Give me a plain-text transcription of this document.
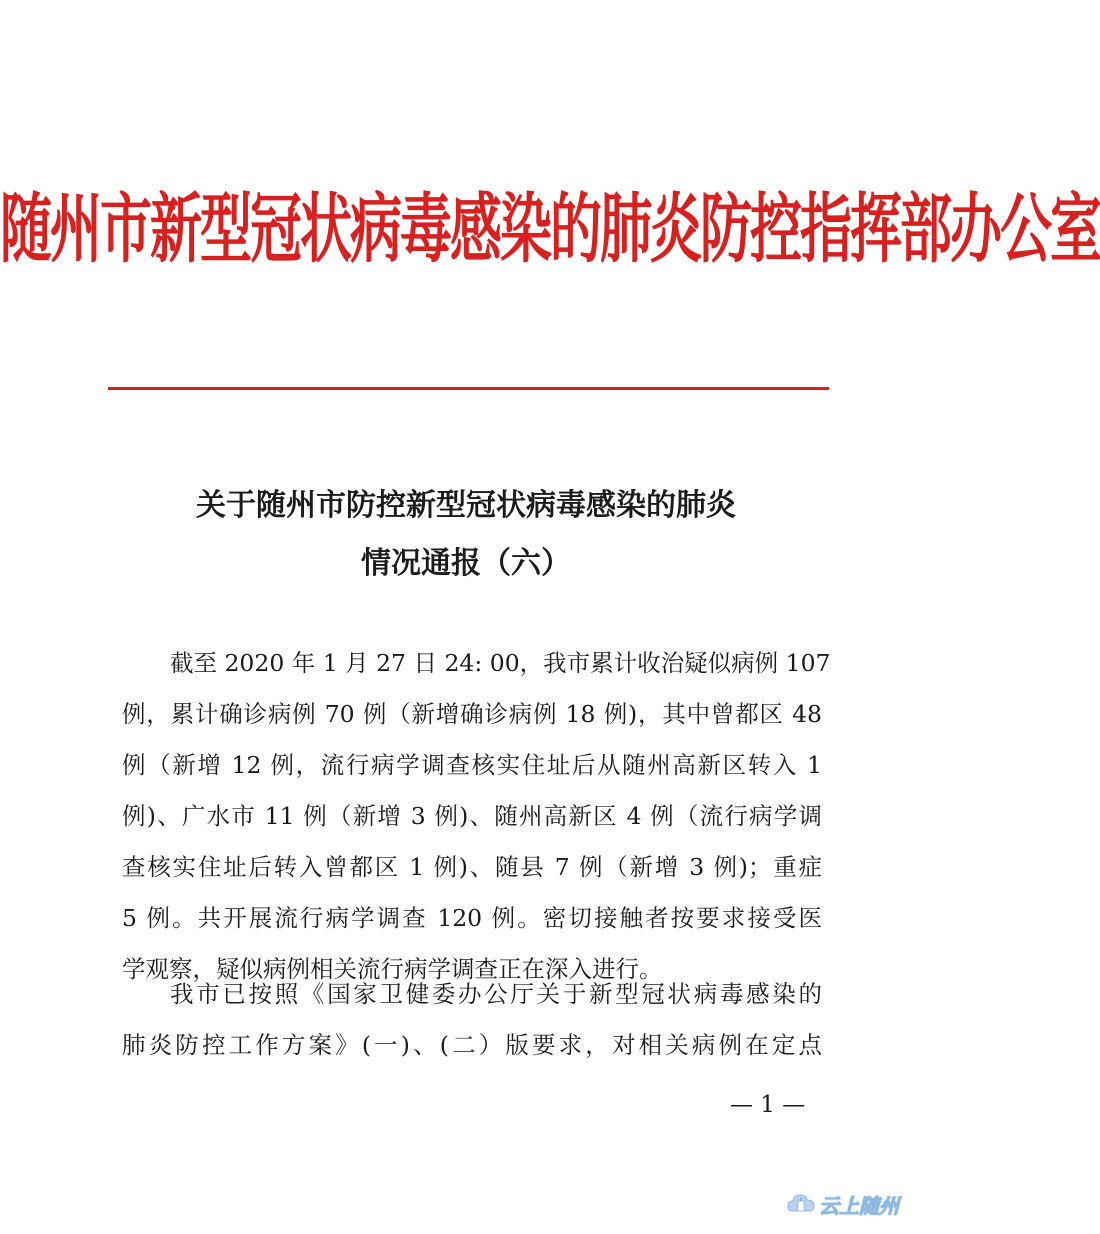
随州市新型冠状病毒感染的肺炎防控指挥部办公室
关于随州市防控新型冠状病毒感染的肺炎
情况通报（六）
截至 2020 年 1 月 27 日 24: 00，我市累计收治疑似病例 107
例，累计确诊病例 70 例（新增确诊病例 18 例)，其中曾都区 48
例（新增 12 例，流行病学调查核实住址后从随州高新区转入 1
例)、广水市 11 例（新增 3 例)、随州高新区 4 例（流行病学调
查核实住址后转入曾都区 1 例)、随县 7 例（新增 3 例)；重症
5 例。共开展流行病学调查 120 例。密切接触者按要求接受医
学观察，疑似病例相关流行病学调查正在深入进行。
我市已按照《国家卫健委办公厅关于新型冠状病毒感染的
肺炎防控工作方案》(一)、(二）版要求，对相关病例在定点
— 1 —
云上随州
